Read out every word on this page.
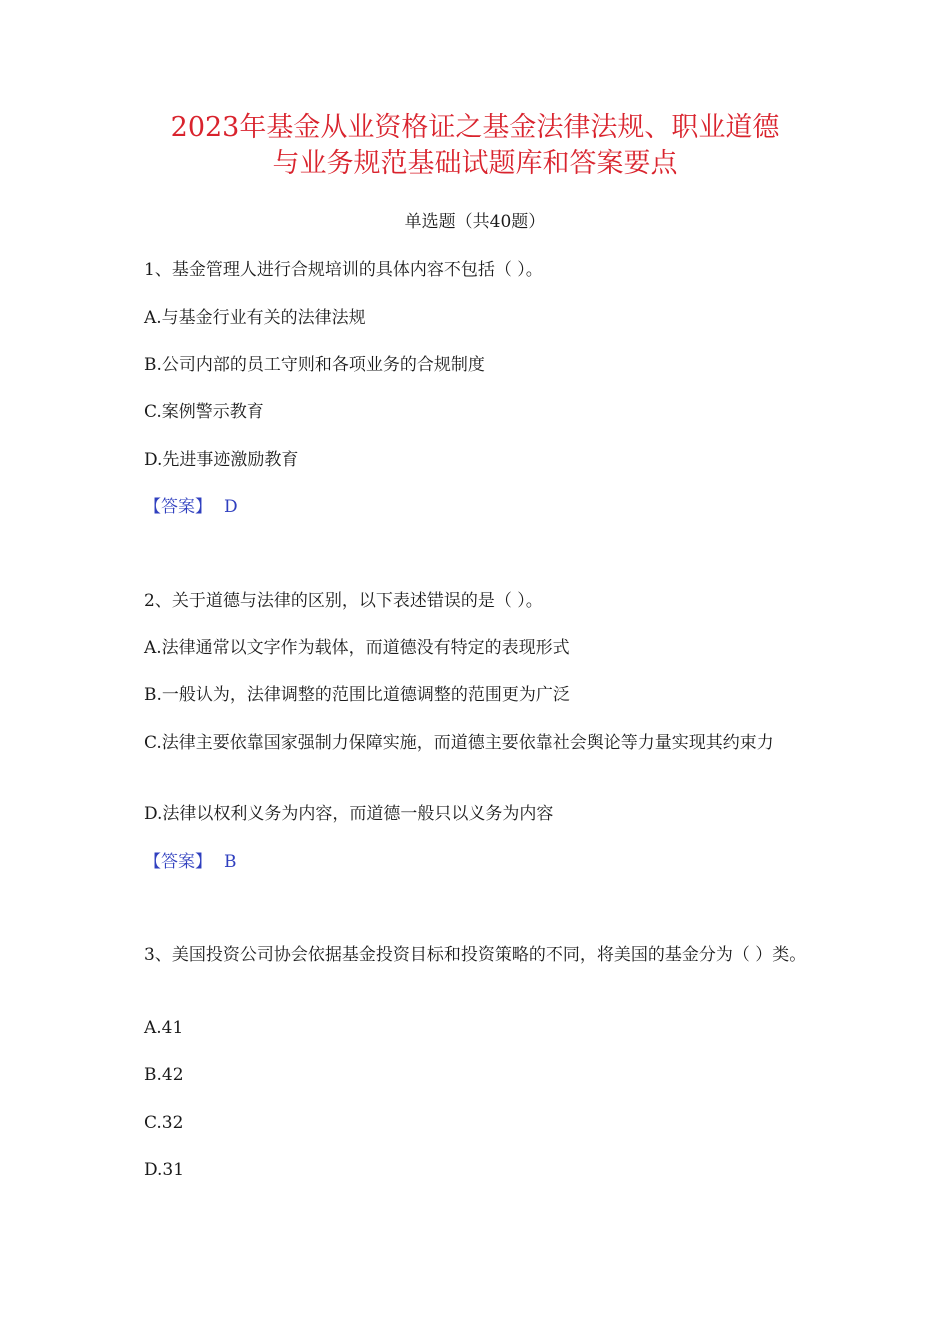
2023年基金从业资格证之基金法律法规、职业道德
与业务规范基础试题库和答案要点
单选题（共40题）
1、基金管理人进行合规培训的具体内容不包括（ ）。
A.与基金行业有关的法律法规
B.公司内部的员工守则和各项业务的合规制度
C.案例警示教育
D.先进事迹激励教育
【答案】 D
2、关于道德与法律的区别，以下表述错误的是（ ）。
A.法律通常以文字作为载体，而道德没有特定的表现形式
B.一般认为，法律调整的范围比道德调整的范围更为广泛
C.法律主要依靠国家强制力保障实施，而道德主要依靠社会舆论等力量实现其约束力
D.法律以权利义务为内容，而道德一般只以义务为内容
【答案】 B
3、美国投资公司协会依据基金投资目标和投资策略的不同，将美国的基金分为（ ）类。
A.41
B.42
C.32
D.31
